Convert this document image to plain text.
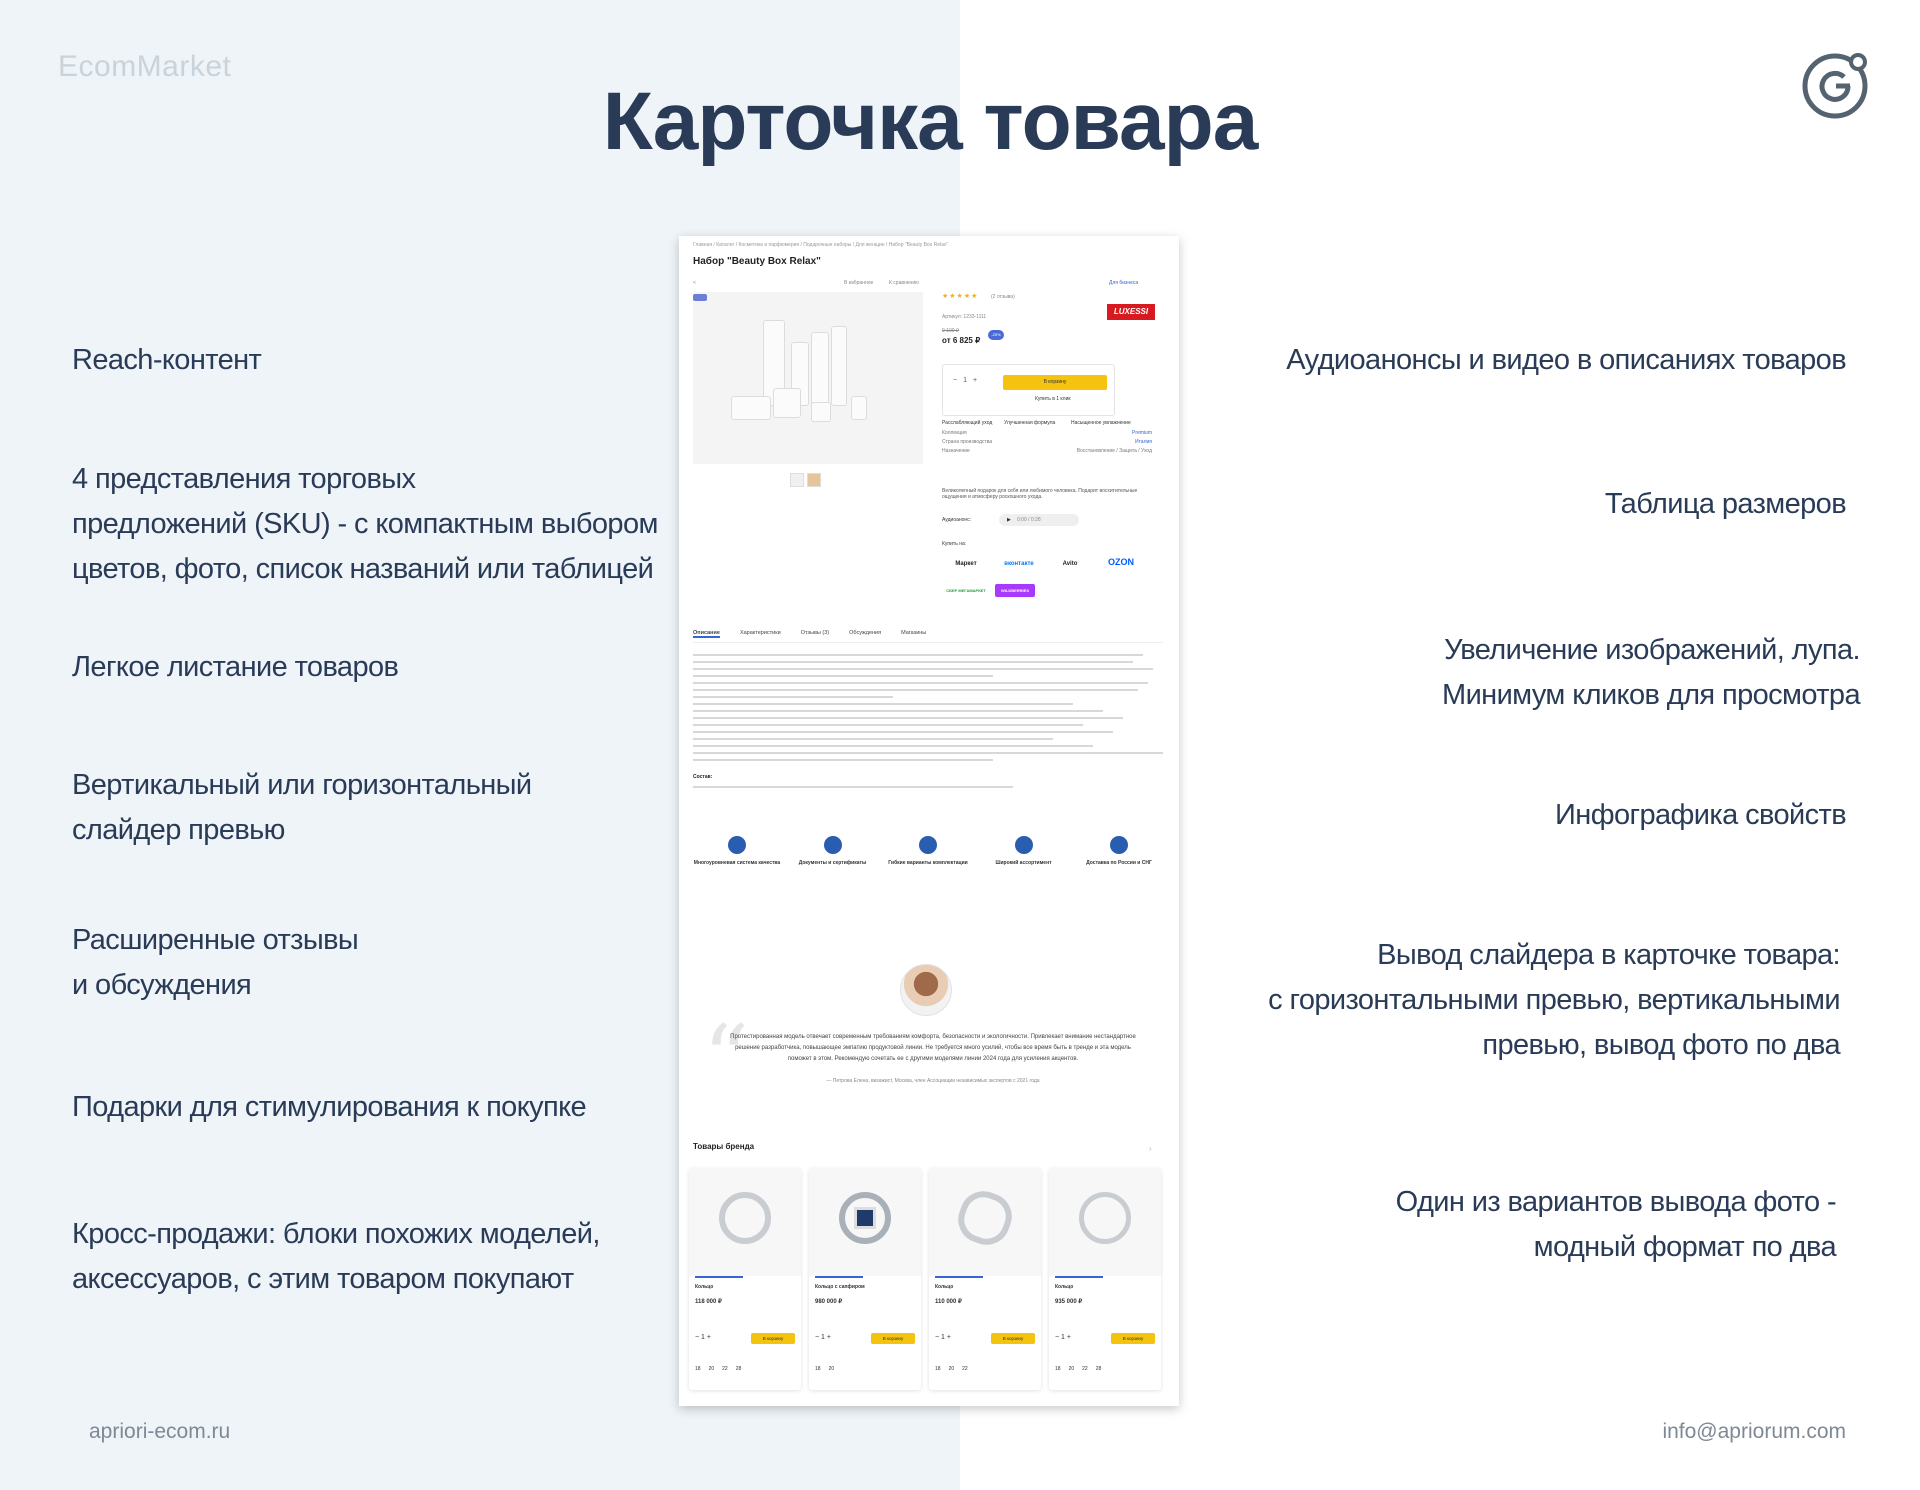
EcomMarket
Карточка товара
Reach-контент
4 представления торговых
предложений (SKU) - с компактным выбором
цветов, фото, список названий или таблицей
Легкое листание товаров
Вертикальный или горизонтальный
слайдер превью
Расширенные отзывы
и обсуждения
Подарки для стимулирования к покупке
Кросс-продажи: блоки похожих моделей,
аксессуаров, с этим товаром покупают
Аудиоанонсы и видео в описаниях товаров
Таблица размеров
Увеличение изображений, лупа.
Минимум кликов для просмотра
Инфографика свойств
Вывод слайдера в карточке товара:
с горизонтальными превью, вертикальными
превью, вывод фото по два
Один из вариантов вывода фото -
модный формат по два
apriori-ecom.ru	info@apriorum.com
Главная / Каталог / Косметика и парфюмерия / Подарочные наборы / Для женщин / Набор "Beauty Box Relax"
Набор "Beauty Box Relax"
<	В избранное	К сравнению	Для бизнеса
★★★★★	(2 отзыва)
Артикул: 1233-1111
9 100 ₽
от 6 825 ₽
-25%
LUXESSI
−1+	В корзину
Купить в 1 клик
Расслабляющий уход Улучшенная формула	Насыщенное увлажнение
Коллекция	Premium
Страна производства	Италия
Назначение	Восстановление / Защита / Уход
Великолепный подарок для себя или любимого человека. Подарит восхитительные ощущения и атмосферу роскошного ухода.
Аудиоанонс:	▶ 0:00 / 0:28
Купить на:
Маркет	вконтакте	Avito	OZON
СБЕР МЕГАМАРКЕТ	WILDBERRIES
Описание	Характеристики	Отзывы (3)	Обсуждения	Магазины
Состав:
Многоуровневая система качества	Документы и сертификаты	Гибкие варианты комплектации	Широкий ассортимент	Доставка по России и СНГ
“
Протестированная модель отвечает современным требованиям комфорта, безопасности и экологичности. Привлекает внимание нестандартное решение разработчика, повышающее эмпатию продуктовой линии. Не требуется много усилий, чтобы все время быть в тренде и эта модель поможет в этом. Рекомендую сочетать ее с другими моделями линии 2024 года для усиления акцентов.
— Петрова Елена, визажист, Москва, член Ассоциации независимых экспертов с 2021 года
Товары бренда	›
Кольцо
118 000 ₽
− 1 +	В корзину
18 20 22 28
Кольцо с сапфиром
980 000 ₽
− 1 +	В корзину
18 20
Кольцо
110 000 ₽
− 1 +	В корзину
18 20 22
Кольцо
935 000 ₽
− 1 +	В корзину
18 20 22 28
